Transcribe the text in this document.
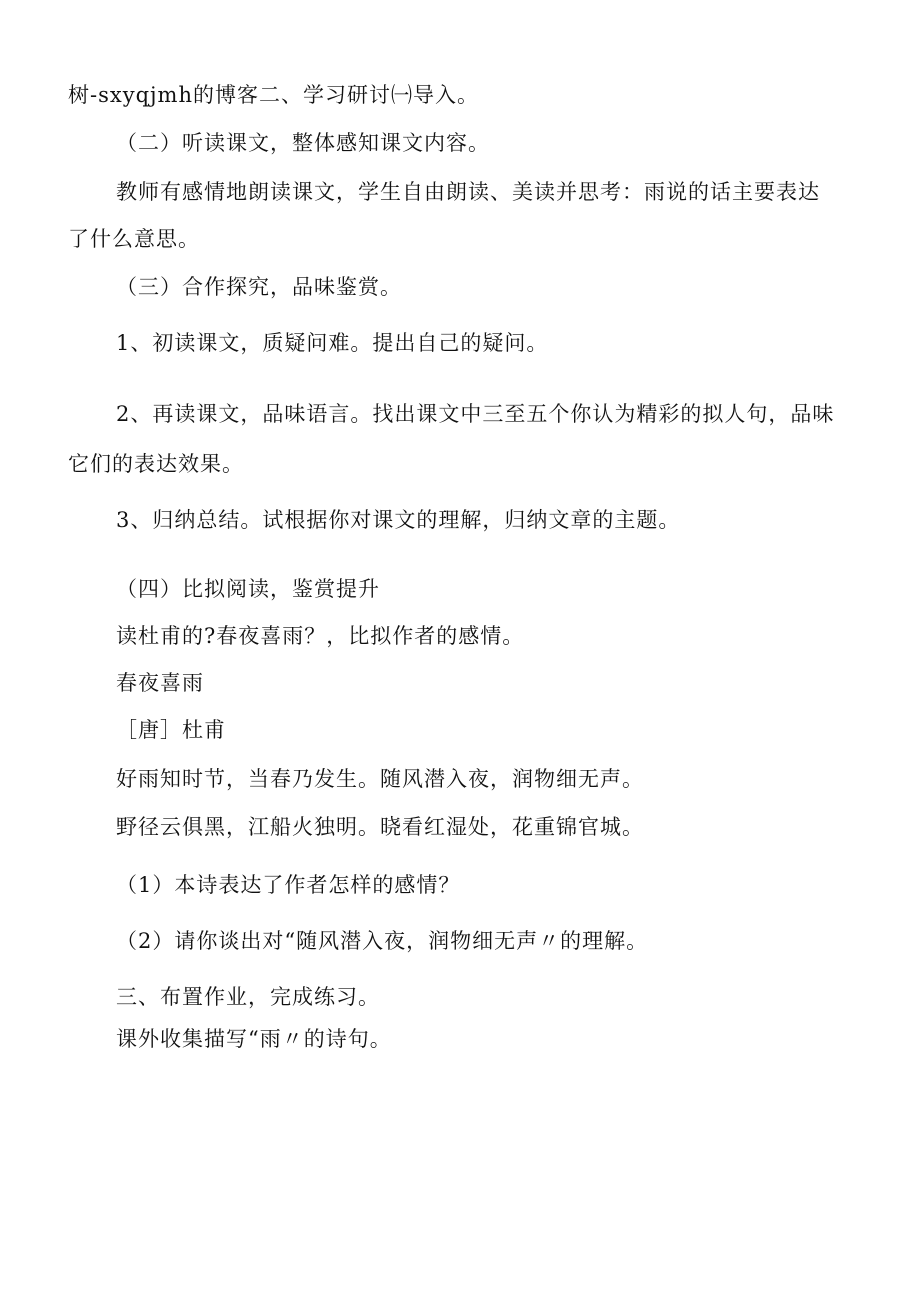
树-sxyqjmh的博客二、学习研讨㈠导入。
（二）听读课文，整体感知课文内容。
教师有感情地朗读课文，学生自由朗读、美读并思考：雨说的话主要表达
了什么意思。
（三）合作探究，品味鉴赏。
1、初读课文，质疑问难。提出自己的疑问。
2、再读课文，品味语言。找出课文中三至五个你认为精彩的拟人句，品味
它们的表达效果。
3、归纳总结。试根据你对课文的理解，归纳文章的主题。
（四）比拟阅读，鉴赏提升
读杜甫的?春夜喜雨？，比拟作者的感情。
春夜喜雨
［唐］杜甫
好雨知时节，当春乃发生。随风潜入夜，润物细无声。
野径云俱黑，江船火独明。晓看红湿处，花重锦官城。
（1）本诗表达了作者怎样的感情？
（2）请你谈出对“随风潜入夜，润物细无声〃的理解。
三、布置作业，完成练习。
课外收集描写“雨〃的诗句。
